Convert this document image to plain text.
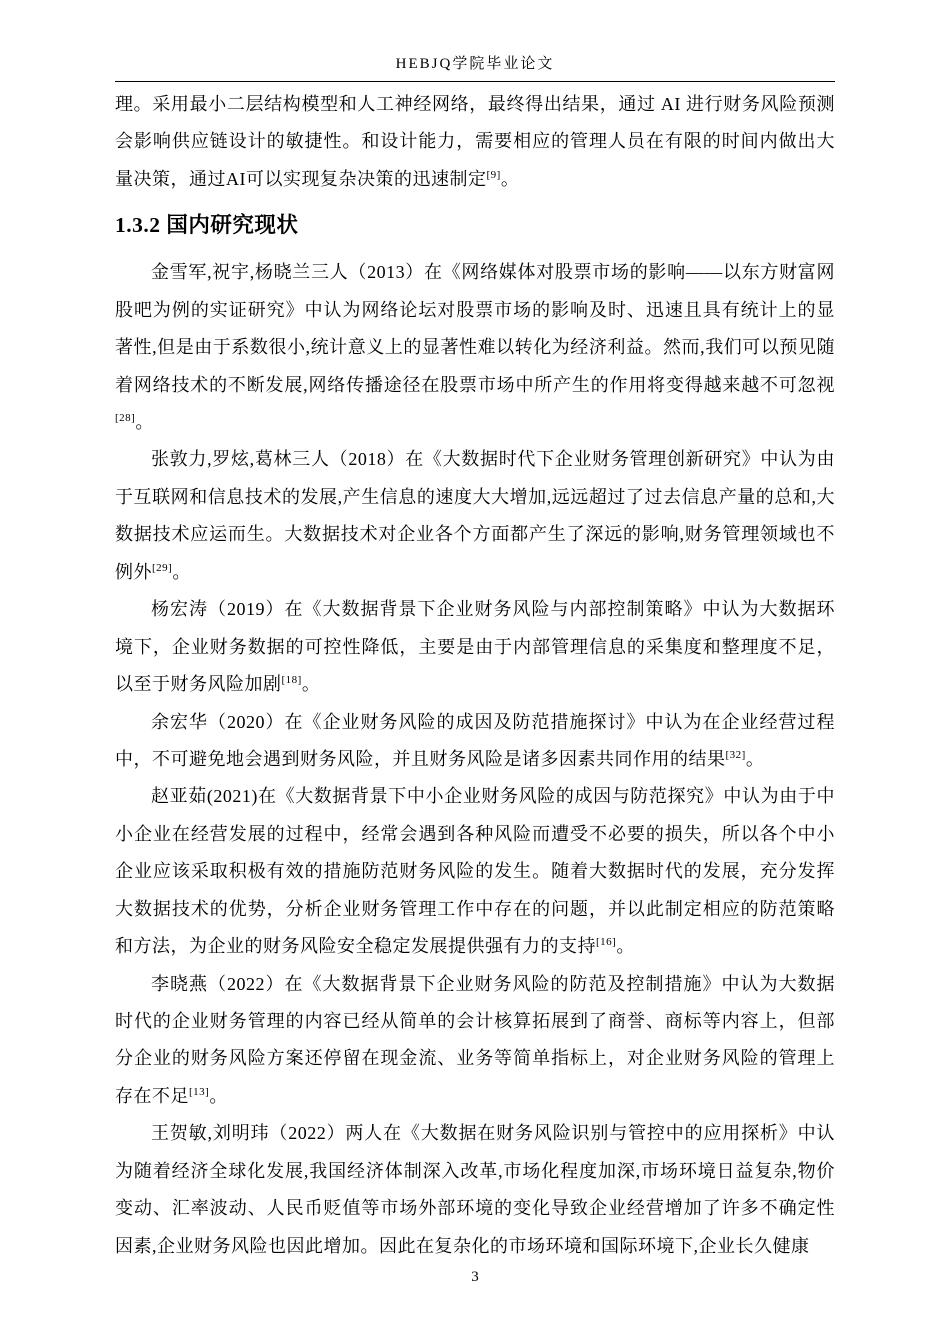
HEBJQ学院毕业论文

理。采用最小二层结构模型和人工神经网络，最终得出结果，通过 AI 进行财务风险预测会影响供应链设计的敏捷性。和设计能力，需要相应的管理人员在有限的时间内做出大量决策，通过AI可以实现复杂决策的迅速制定[9]。

1.3.2 国内研究现状

金雪军,祝宇,杨晓兰三人（2013）在《网络媒体对股票市场的影响——以东方财富网股吧为例的实证研究》中认为网络论坛对股票市场的影响及时、迅速且具有统计上的显著性,但是由于系数很小,统计意义上的显著性难以转化为经济利益。然而,我们可以预见随着网络技术的不断发展,网络传播途径在股票市场中所产生的作用将变得越来越不可忽视[28]。

张敦力,罗炫,葛林三人（2018）在《大数据时代下企业财务管理创新研究》中认为由于互联网和信息技术的发展,产生信息的速度大大增加,远远超过了过去信息产量的总和,大数据技术应运而生。大数据技术对企业各个方面都产生了深远的影响,财务管理领域也不例外[29]。

杨宏涛（2019）在《大数据背景下企业财务风险与内部控制策略》中认为大数据环境下，企业财务数据的可控性降低，主要是由于内部管理信息的采集度和整理度不足，以至于财务风险加剧[18]。

余宏华（2020）在《企业财务风险的成因及防范措施探讨》中认为在企业经营过程中，不可避免地会遇到财务风险，并且财务风险是诸多因素共同作用的结果[32]。

赵亚茹(2021)在《大数据背景下中小企业财务风险的成因与防范探究》中认为由于中小企业在经营发展的过程中，经常会遇到各种风险而遭受不必要的损失，所以各个中小企业应该采取积极有效的措施防范财务风险的发生。随着大数据时代的发展，充分发挥大数据技术的优势，分析企业财务管理工作中存在的问题，并以此制定相应的防范策略和方法，为企业的财务风险安全稳定发展提供强有力的支持[16]。

李晓燕（2022）在《大数据背景下企业财务风险的防范及控制措施》中认为大数据时代的企业财务管理的内容已经从简单的会计核算拓展到了商誉、商标等内容上，但部分企业的财务风险方案还停留在现金流、业务等简单指标上，对企业财务风险的管理上存在不足[13]。

王贺敏,刘明玮（2022）两人在《大数据在财务风险识别与管控中的应用探析》中认为随着经济全球化发展,我国经济体制深入改革,市场化程度加深,市场环境日益复杂,物价变动、汇率波动、人民币贬值等市场外部环境的变化导致企业经营增加了许多不确定性因素,企业财务风险也因此增加。因此在复杂化的市场环境和国际环境下,企业长久健康

3
